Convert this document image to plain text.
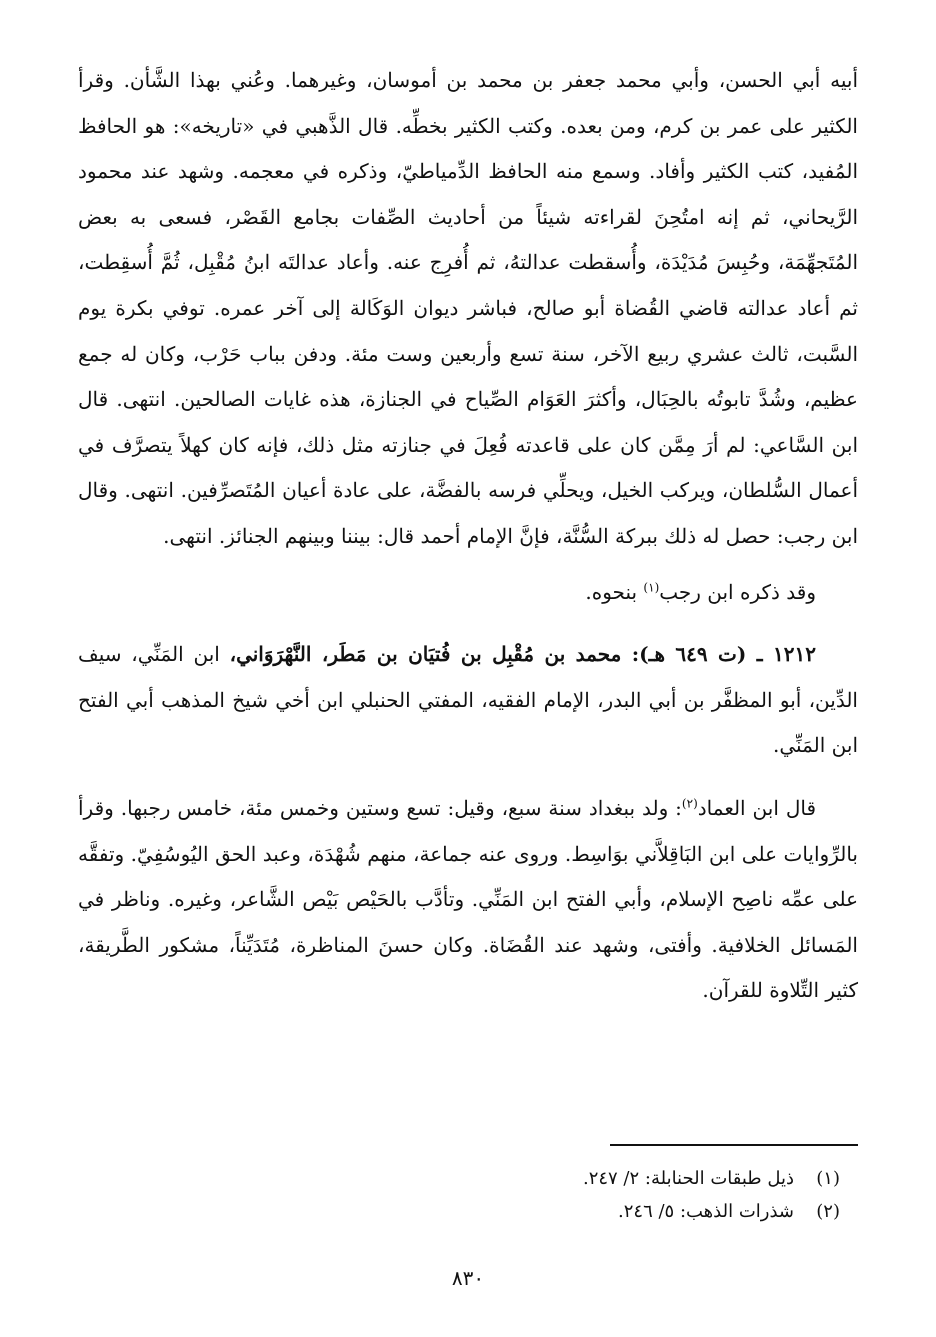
أبيه أبي الحسن، وأبي محمد جعفر بن محمد بن أموسان، وغيرهما. وعُني بهذا الشَّأن. وقرأ الكثير على عمر بن كرم، ومن بعده. وكتب الكثير بخطِّه. قال الذَّهبي في «تاريخه»: هو الحافظ المُفيد، كتب الكثير وأفاد. وسمع منه الحافظ الدِّمياطيّ، وذكره في معجمه. وشهد عند محمود الرَّيحاني، ثم إنه امتُحِنَ لقراءته شيئاً من أحاديث الصِّفات بجامع القَصْر، فسعى به بعض المُتَجهِّمَة، وحُبِسَ مُدَيْدَة، وأُسقطت عدالتهُ، ثم أُفرِج عنه. وأعاد عدالتَه ابنُ مُقْبِل، ثُمَّ أُسقِطت، ثم أعاد عدالته قاضي القُضاة أبو صالح، فباشر ديوان الوَكَالة إلى آخر عمره. توفي بكرة يوم السَّبت، ثالث عشري ربيع الآخر، سنة تسع وأربعين وست مئة. ودفن بباب حَرْب، وكان له جمع عظيم، وشُدَّ تابوتُه بالحِبَال، وأكثرَ العَوَام الصِّياح في الجنازة، هذه غايات الصالحين. انتهى. قال ابن السَّاعي: لم أرَ مِمَّن كان على قاعدته فُعِلَ في جنازته مثل ذلك، فإنه كان كهلاً يتصرَّف في أعمال السُّلطان، ويركب الخيل، ويحلِّي فرسه بالفضَّة، على عادة أعيان المُتَصرِّفين. انتهى. وقال ابن رجب: حصل له ذلك ببركة السُّنَّة، فإنَّ الإمام أحمد قال: بيننا وبينهم الجنائز. انتهى.

وقد ذكره ابن رجب$^{(١)}$ بنحوه.

١٢١٢ ـ (ت ٦٤٩ هـ): محمد بن مُقْبِل بن فُتيَان بن مَطَر، النَّهْرَوَاني، ابن المَنِّي، سيف الدِّين، أبو المظفَّر بن أبي البدر، الإمام الفقيه، المفتي الحنبلي ابن أخي شيخ المذهب أبي الفتح ابن المَنِّي.

قال ابن العماد$^{(٢)}$: ولد ببغداد سنة سبع، وقيل: تسع وستين وخمس مئة، خامس رجبها. وقرأ بالرِّوايات على ابن البَاقِلاَّني بوَاسِط. وروى عنه جماعة، منهم شُهْدَة، وعبد الحق اليُوسُفِيّ. وتفقَّه على عمِّه ناصِح الإسلام، وأبي الفتح ابن المَنِّي. وتأدَّب بالحَيْص بَيْص الشَّاعر، وغيره. وناظر في المَسائل الخلافية. وأفتى، وشهد عند القُضَاة. وكان حسنَ المناظرة، مُتَدَيِّناً، مشكور الطَّريقة، كثير التِّلاوة للقرآن.

(١)ذيل طبقات الحنابلة: ٢/ ٢٤٧.
(٢)شذرات الذهب: ٥/ ٢٤٦.
٨٣٠
